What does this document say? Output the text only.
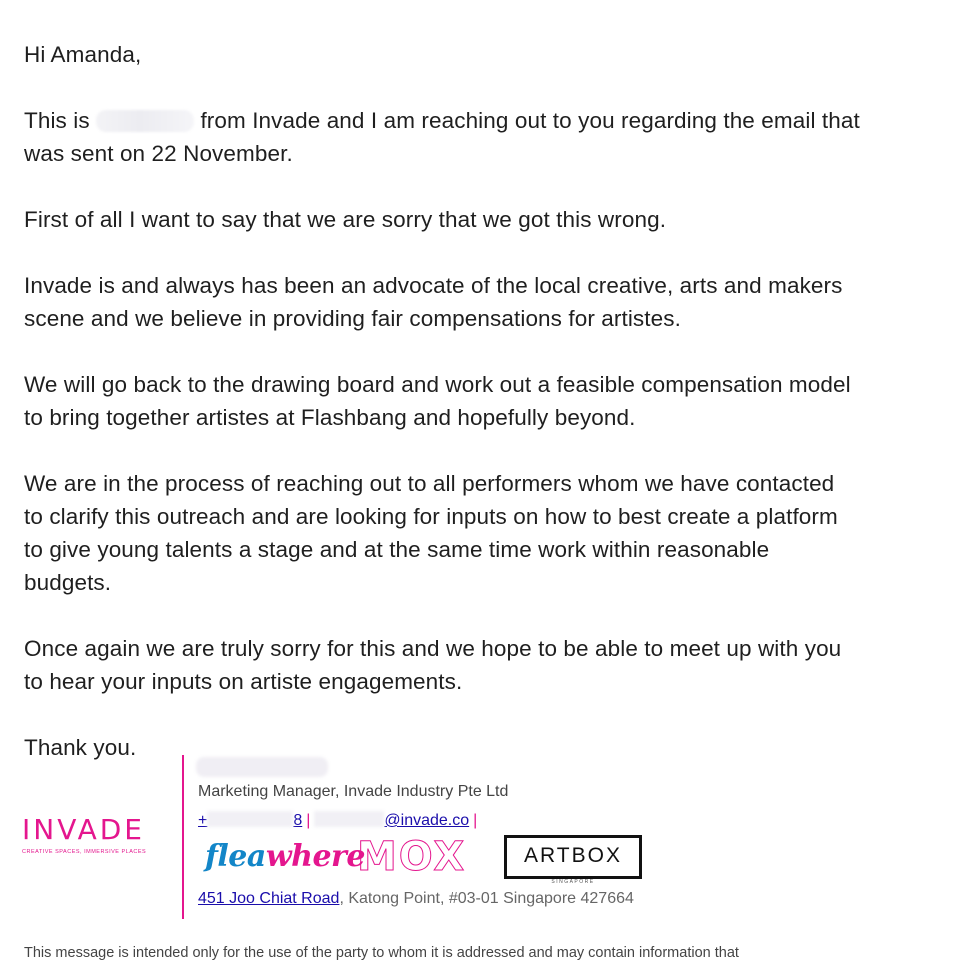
Hi Amanda,

This is	from Invade and I am reaching out to you regarding the email that
was sent on 22 November.

First of all I want to say that we are sorry that we got this wrong.

Invade is and always has been an advocate of the local creative, arts and makers
scene and we believe in providing fair compensations for artistes.

We will go back to the drawing board and work out a feasible compensation model
to bring together artistes at Flashbang and hopefully beyond.

We are in the process of reaching out to all performers whom we have contacted
to clarify this outreach and are looking for inputs on how to best create a platform
to give young talents a stage and at the same time work within reasonable
budgets.

Once again we are truly sorry for this and we hope to be able to meet up with you
to hear your inputs on artiste engagements.

Thank you.

INVADE
CREATIVE SPACES, IMMERSIVE PLACES
Marketing Manager, Invade Industry Pte Ltd
+	8 |	@invade.co |
fleawhere
MOX	ARTBOX
SINGAPORE
451 Joo Chiat Road, Katong Point, #03-01 Singapore 427664
This message is intended only for the use of the party to whom it is addressed and may contain information that
